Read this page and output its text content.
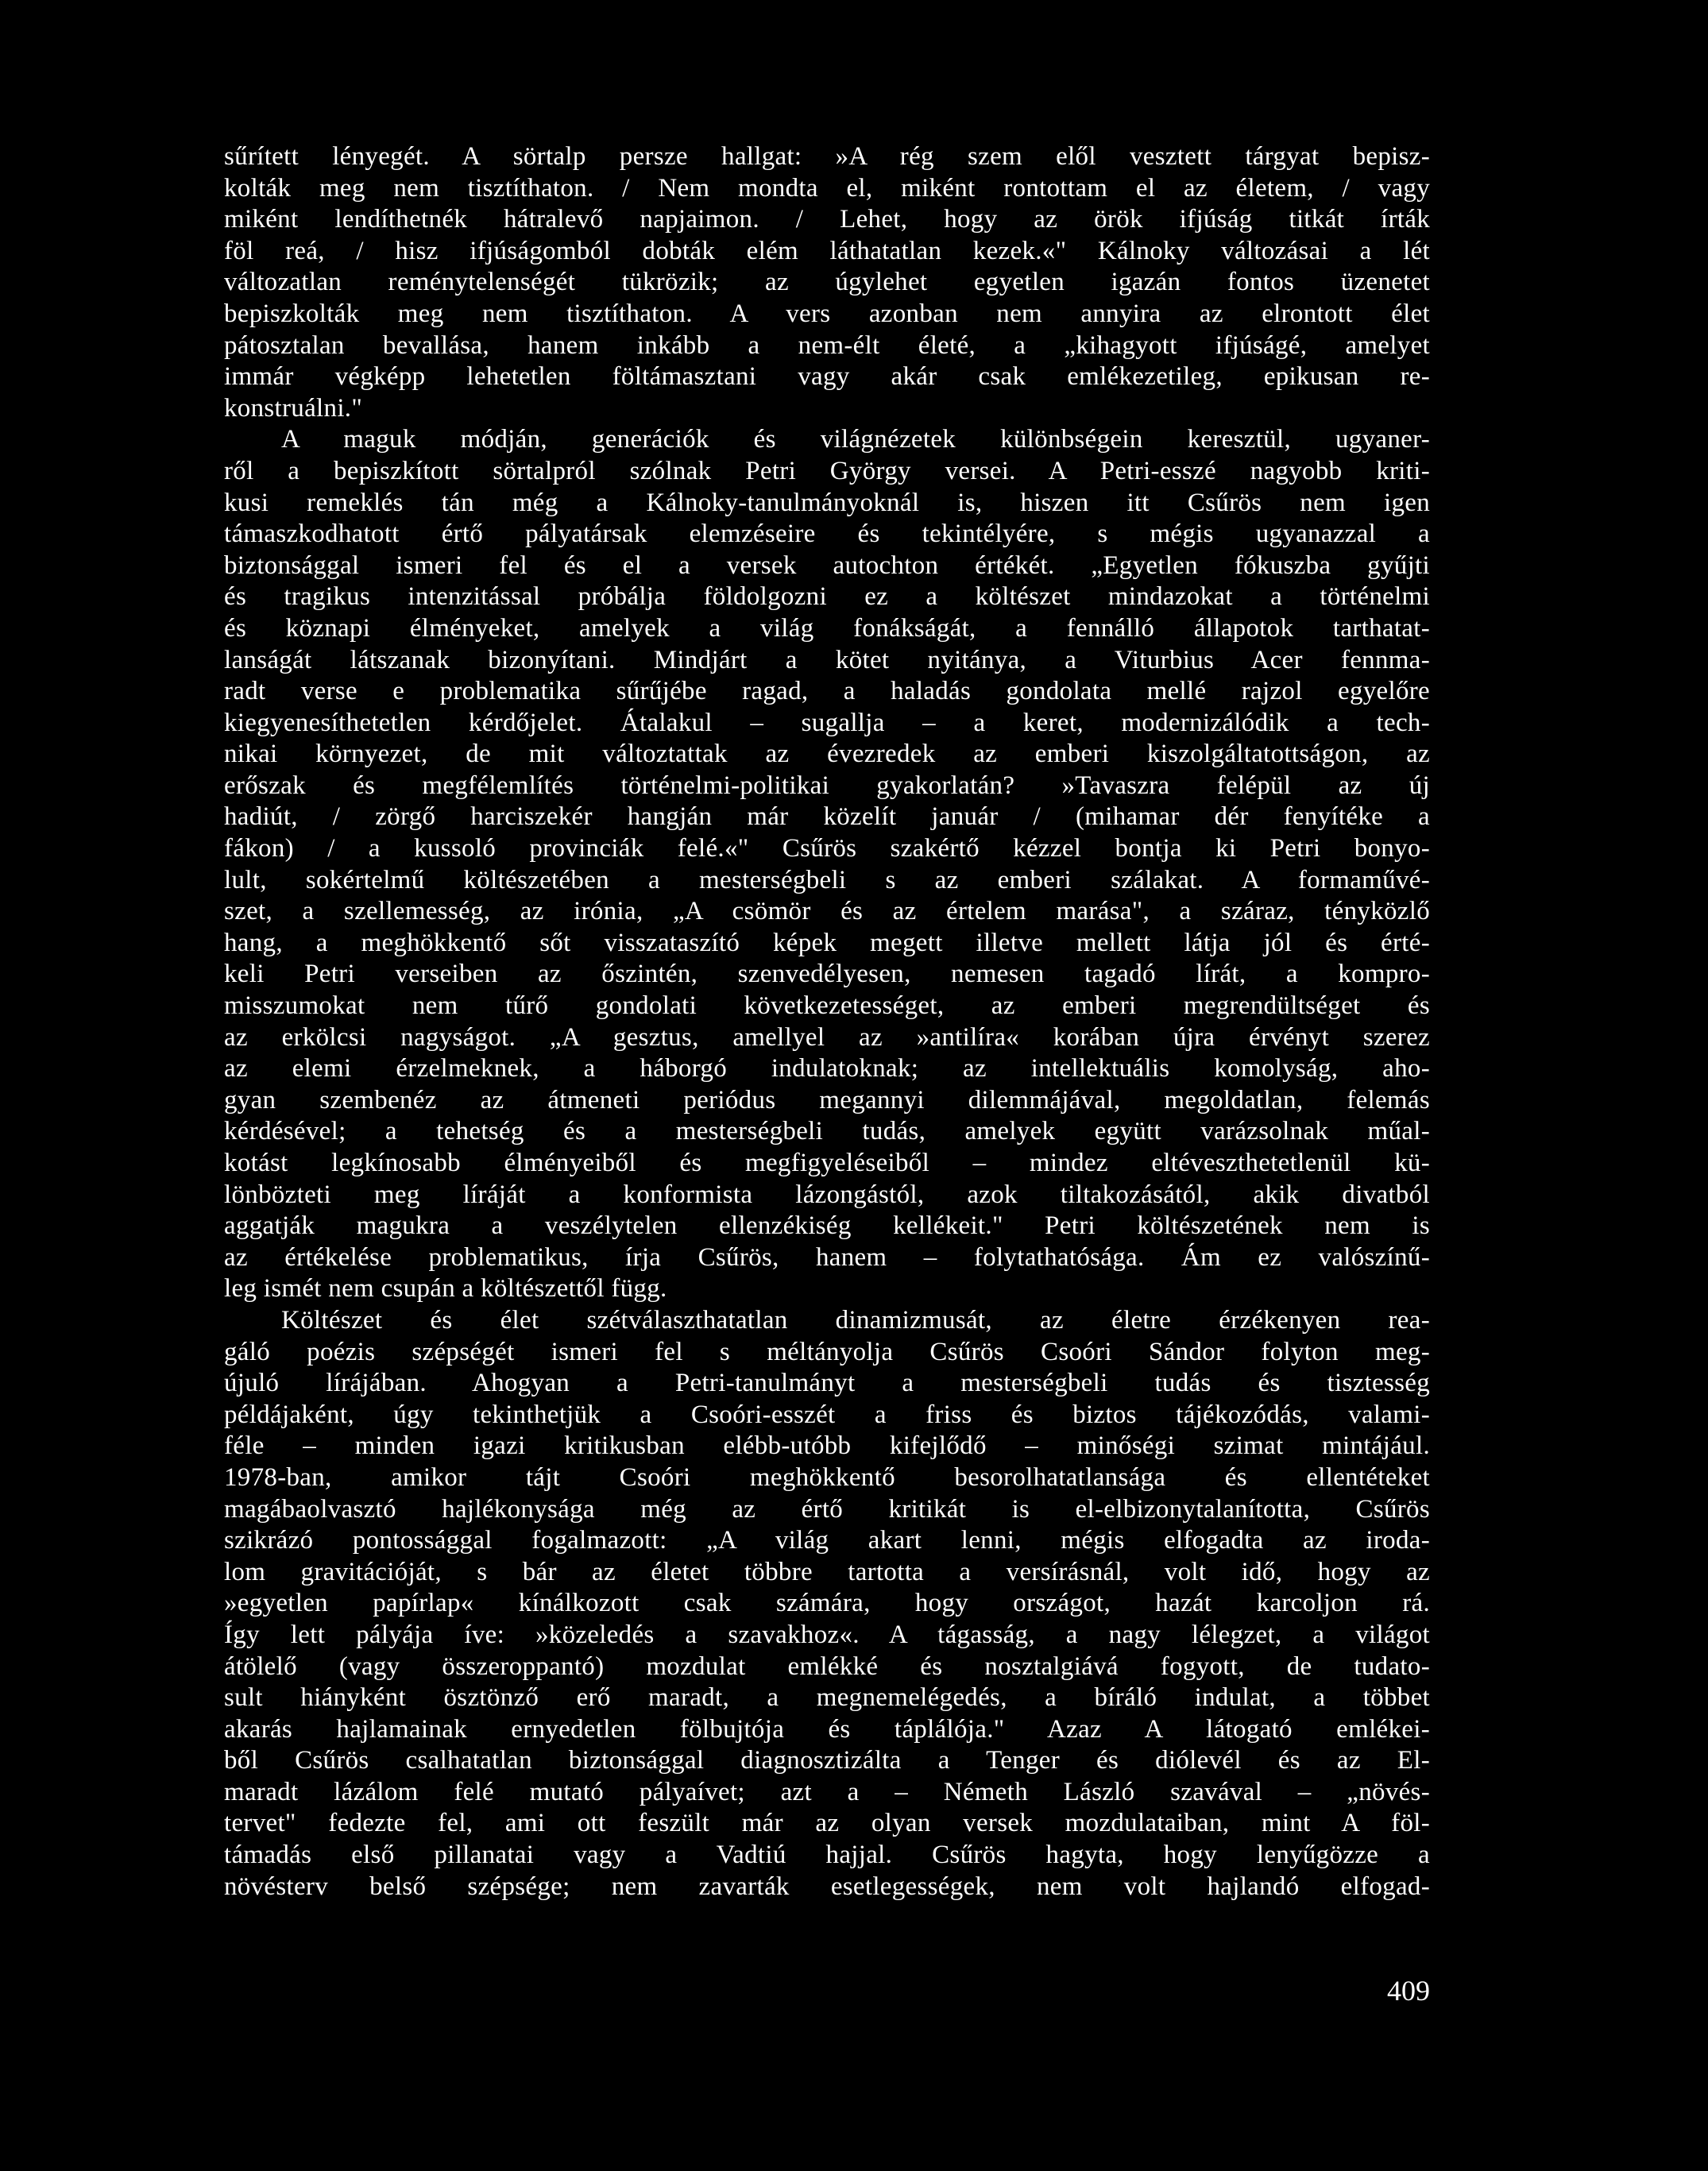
sűrített lényegét. A sörtalp persze hallgat: »A rég szem elől vesztett tárgyat bepisz-
kolták meg nem tisztíthaton. / Nem mondta el, miként rontottam el az életem, / vagy
miként lendíthetnék hátralevő napjaimon. / Lehet, hogy az örök ifjúság titkát írták
föl reá, / hisz ifjúságomból dobták elém láthatatlan kezek.«" Kálnoky változásai a lét
változatlan reménytelenségét tükrözik; az úgylehet egyetlen igazán fontos üzenetet
bepiszkolták meg nem tisztíthaton. A vers azonban nem annyira az elrontott élet
pátosztalan bevallása, hanem inkább a nem-élt életé, a „kihagyott ifjúságé, amelyet
immár végképp lehetetlen föltámasztani vagy akár csak emlékezetileg, epikusan re-
konstruálni."
A maguk módján, generációk és világnézetek különbségein keresztül, ugyaner-
ről a bepiszkított sörtalpról szólnak Petri György versei. A Petri-esszé nagyobb kriti-
kusi remeklés tán még a Kálnoky-tanulmányoknál is, hiszen itt Csűrös nem igen
támaszkodhatott értő pályatársak elemzéseire és tekintélyére, s mégis ugyanazzal a
biztonsággal ismeri fel és el a versek autochton értékét. „Egyetlen fókuszba gyűjti
és tragikus intenzitással próbálja földolgozni ez a költészet mindazokat a történelmi
és köznapi élményeket, amelyek a világ fonákságát, a fennálló állapotok tarthatat-
lanságát látszanak bizonyítani. Mindjárt a kötet nyitánya, a Viturbius Acer fennma-
radt verse e problematika sűrűjébe ragad, a haladás gondolata mellé rajzol egyelőre
kiegyenesíthetetlen kérdőjelet. Átalakul – sugallja – a keret, modernizálódik a tech-
nikai környezet, de mit változtattak az évezredek az emberi kiszolgáltatottságon, az
erőszak és megfélemlítés történelmi-politikai gyakorlatán? »Tavaszra felépül az új
hadiút, / zörgő harciszekér hangján már közelít január / (mihamar dér fenyítéke a
fákon) / a kussoló provinciák felé.«" Csűrös szakértő kézzel bontja ki Petri bonyo-
lult, sokértelmű költészetében a mesterségbeli s az emberi szálakat. A formaművé-
szet, a szellemesség, az irónia, „A csömör és az értelem marása", a száraz, tényközlő
hang, a meghökkentő sőt visszataszító képek megett illetve mellett látja jól és érté-
keli Petri verseiben az őszintén, szenvedélyesen, nemesen tagadó lírát, a kompro-
misszumokat nem tűrő gondolati következetességet, az emberi megrendültséget és
az erkölcsi nagyságot. „A gesztus, amellyel az »antilíra« korában újra érvényt szerez
az elemi érzelmeknek, a háborgó indulatoknak; az intellektuális komolyság, aho-
gyan szembenéz az átmeneti periódus megannyi dilemmájával, megoldatlan, felemás
kérdésével; a tehetség és a mesterségbeli tudás, amelyek együtt varázsolnak műal-
kotást legkínosabb élményeiből és megfigyeléseiből – mindez eltéveszthetetlenül kü-
lönbözteti meg líráját a konformista lázongástól, azok tiltakozásától, akik divatból
aggatják magukra a veszélytelen ellenzékiség kellékeit." Petri költészetének nem is
az értékelése problematikus, írja Csűrös, hanem – folytathatósága. Ám ez valószínű-
leg ismét nem csupán a költészettől függ.
Költészet és élet szétválaszthatatlan dinamizmusát, az életre érzékenyen rea-
gáló poézis szépségét ismeri fel s méltányolja Csűrös Csoóri Sándor folyton meg-
újuló lírájában. Ahogyan a Petri-tanulmányt a mesterségbeli tudás és tisztesség
példájaként, úgy tekinthetjük a Csoóri-esszét a friss és biztos tájékozódás, valami-
féle – minden igazi kritikusban elébb-utóbb kifejlődő – minőségi szimat mintájául.
1978-ban, amikor tájt Csoóri meghökkentő besorolhatatlansága és ellentéteket
magábaolvasztó hajlékonysága még az értő kritikát is el-elbizonytalanította, Csűrös
szikrázó pontossággal fogalmazott: „A világ akart lenni, mégis elfogadta az irodа-
lom gravitációját, s bár az életet többre tartotta a versírásnál, volt idő, hogy az
»egyetlen papírlap« kínálkozott csak számára, hogy országot, hazát karcoljon rá.
Így lett pályája íve: »közeledés a szavakhoz«. A tágasság, a nagy lélegzet, a világot
átölelő (vagy összeroppantó) mozdulat emlékké és nosztalgiává fogyott, de tudato-
sult hiányként ösztönző erő maradt, a megnemelégedés, a bíráló indulat, a többet
akarás hajlamainak ernyedetlen fölbujtója és táplálója." Azaz A látogató emlékei-
ből Csűrös csalhatatlan biztonsággal diagnosztizálta a Tenger és diólevél és az El-
maradt lázálom felé mutató pályaívet; azt a – Németh László szavával – „növés-
tervet" fedezte fel, ami ott feszült már az olyan versek mozdulataiban, mint A föl-
támadás első pillanatai vagy a Vadtiú hajjal. Csűrös hagyta, hogy lenyűgözze a
növésterv belső szépsége; nem zavarták esetlegességek, nem volt hajlandó elfogad-
409
